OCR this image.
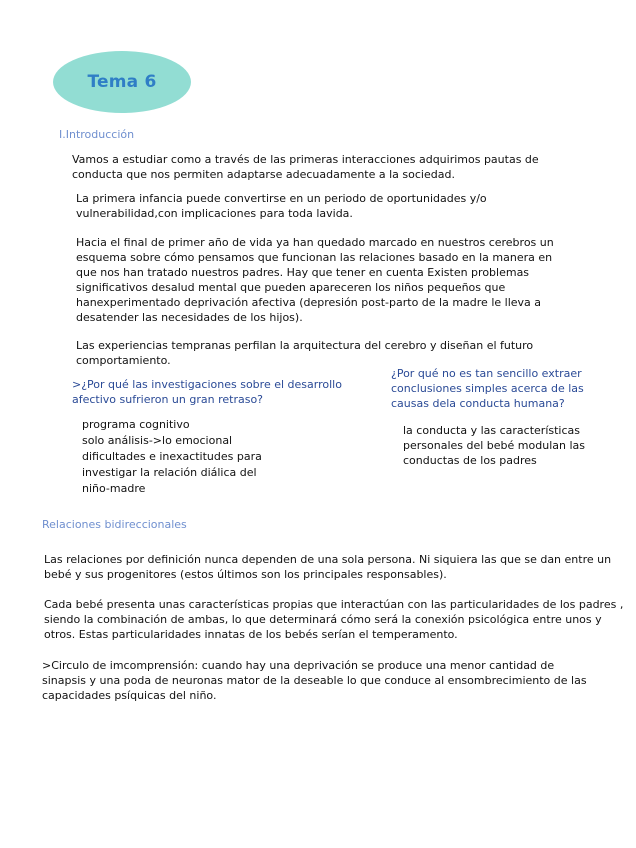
Tema 6
I.Introducción

Vamos a estudiar como a través de las primeras interacciones adquirimos pautas de conducta que nos permiten adaptarse adecuadamente a la sociedad.

La primera infancia puede convertirse en un periodo de oportunidades y/o vulnerabilidad,con implicaciones para toda lavida.

Hacia el final de primer año de vida ya han quedado marcado en nuestros cerebros un esquema sobre cómo pensamos que funcionan las relaciones basado en la manera en que nos han tratado nuestros padres. Hay que tener en cuenta Existen problemas significativos desalud mental que pueden apareceren los niños pequeños que hanexperimentado deprivación afectiva (depresión post-parto de la madre le lleva a desatender las necesidades de los hijos).

Las experiencias tempranas perfilan la arquitectura del cerebro y diseñan el futuro comportamiento.

>¿Por qué las investigaciones sobre el desarrollo afectivo sufrieron un gran retraso?

programa cognitivo
solo análisis->lo emocional
dificultades e inexactitudes para
investigar la relación diálica del
niño-madre

¿Por qué no es tan sencillo extraer conclusiones simples acerca de las causas dela conducta humana?

la conducta y las características personales del bebé modulan las conductas de los padres

Relaciones bidireccionales

Las relaciones por definición nunca dependen de una sola persona. Ni siquiera las que se dan entre un bebé y sus progenitores (estos últimos son los principales responsables).

Cada bebé presenta unas características propias que interactúan con las particularidades de los padres , siendo la combinación de ambas, lo que determinará cómo será la conexión psicológica entre unos y otros. Estas particularidades innatas de los bebés serían el temperamento.

>Circulo de imcomprensión: cuando hay una deprivación se produce una menor cantidad de sinapsis y una poda de neuronas mator de la deseable lo que conduce al ensombrecimiento de las capacidades psíquicas del niño.
